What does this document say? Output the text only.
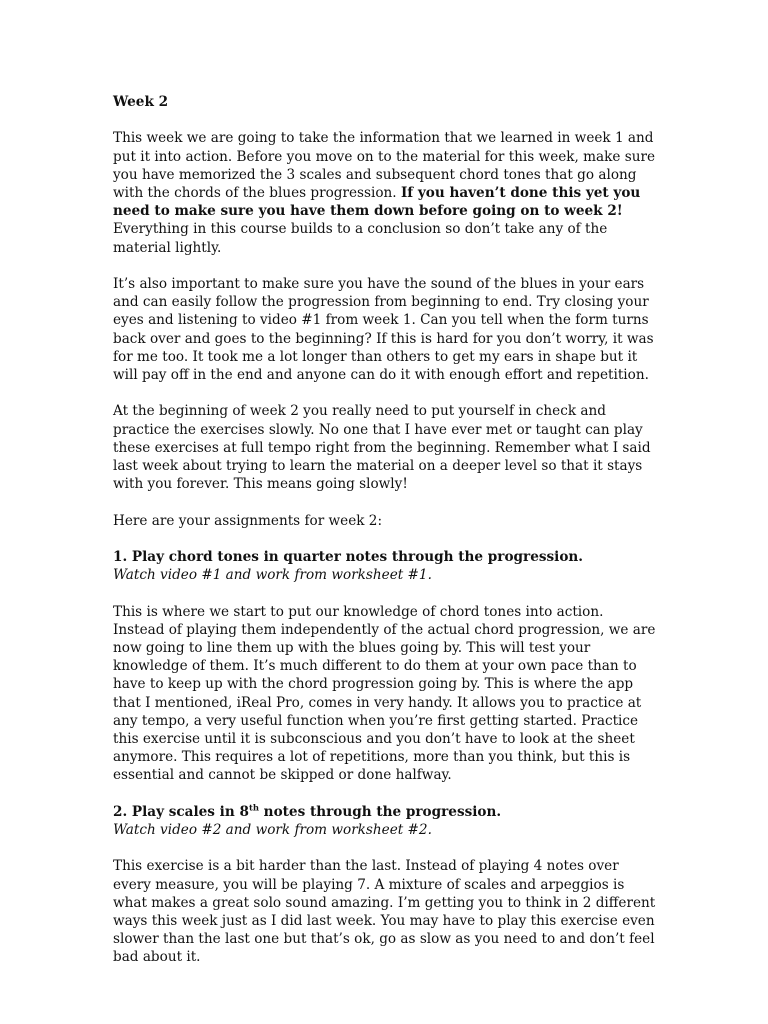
Week 2

This week we are going to take the information that we learned in week 1 and put it into action. Before you move on to the material for this week, make sure you have memorized the 3 scales and subsequent chord tones that go along with the chords of the blues progression. If you haven’t done this yet you need to make sure you have them down before going on to week 2! Everything in this course builds to a conclusion so don’t take any of the material lightly.

It’s also important to make sure you have the sound of the blues in your ears and can easily follow the progression from beginning to end. Try closing your eyes and listening to video #1 from week 1. Can you tell when the form turns back over and goes to the beginning? If this is hard for you don’t worry, it was for me too. It took me a lot longer than others to get my ears in shape but it will pay off in the end and anyone can do it with enough effort and repetition.

At the beginning of week 2 you really need to put yourself in check and practice the exercises slowly. No one that I have ever met or taught can play these exercises at full tempo right from the beginning. Remember what I said last week about trying to learn the material on a deeper level so that it stays with you forever. This means going slowly!

Here are your assignments for week 2:

1. Play chord tones in quarter notes through the progression.

Watch video #1 and work from worksheet #1.

This is where we start to put our knowledge of chord tones into action. Instead of playing them independently of the actual chord progression, we are now going to line them up with the blues going by. This will test your knowledge of them. It’s much different to do them at your own pace than to have to keep up with the chord progression going by. This is where the app that I mentioned, iReal Pro, comes in very handy. It allows you to practice at any tempo, a very useful function when you’re first getting started. Practice this exercise until it is subconscious and you don’t have to look at the sheet anymore. This requires a lot of repetitions, more than you think, but this is essential and cannot be skipped or done halfway.

2. Play scales in 8th notes through the progression.

Watch video #2 and work from worksheet #2.

This exercise is a bit harder than the last. Instead of playing 4 notes over every measure, you will be playing 7. A mixture of scales and arpeggios is what makes a great solo sound amazing. I’m getting you to think in 2 different ways this week just as I did last week. You may have to play this exercise even slower than the last one but that’s ok, go as slow as you need to and don’t feel bad about it.
